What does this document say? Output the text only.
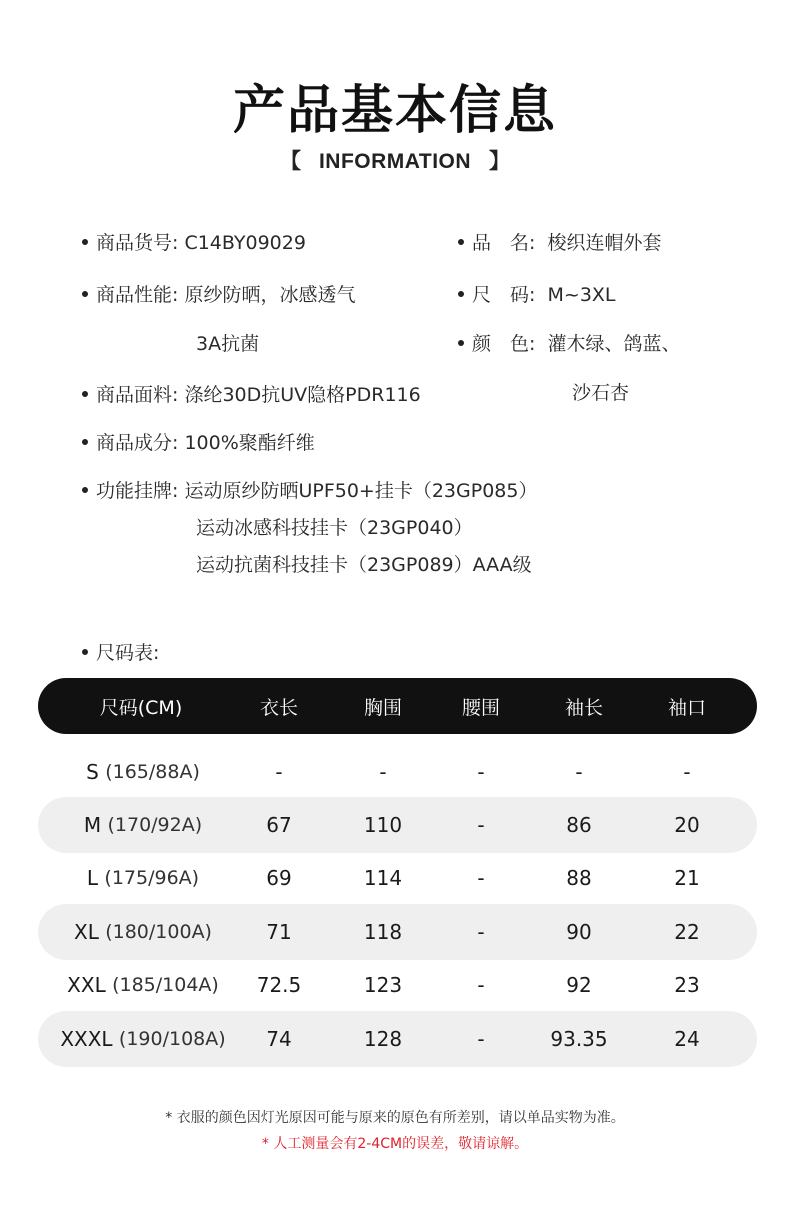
产品基本信息
【 INFORMATION 】
商品货号: C14BY09029
商品性能: 原纱防晒，冰感透气
3A抗菌
商品面料: 涤纶30D抗UV隐格PDR116
商品成分: 100%聚酯纤维
功能挂牌: 运动原纱防晒UPF50+挂卡（23GP085）
运动冰感科技挂卡（23GP040）
运动抗菌科技挂卡（23GP089）AAA级
品　名: 梭织连帽外套
尺　码: M~3XL
颜　色: 灌木绿、鸽蓝、
沙石杏
尺码表:
尺码(CM)	衣长	胸围	腰围	袖长	袖口
S
(165/88A)	-	-	-	-	-
M
(170/92A)	67	110	-	86	20
L
(175/96A)	69	114	-	88	21
XL
(180/100A)	71	118	-	90	22
XXL
(185/104A) 72.5	123	-	92	23
XXXL
(190/108A) 74	128	-	93.35	24
* 衣服的颜色因灯光原因可能与原来的原色有所差别，请以单品实物为准。
* 人工测量会有2-4CM的误差，敬请谅解。
